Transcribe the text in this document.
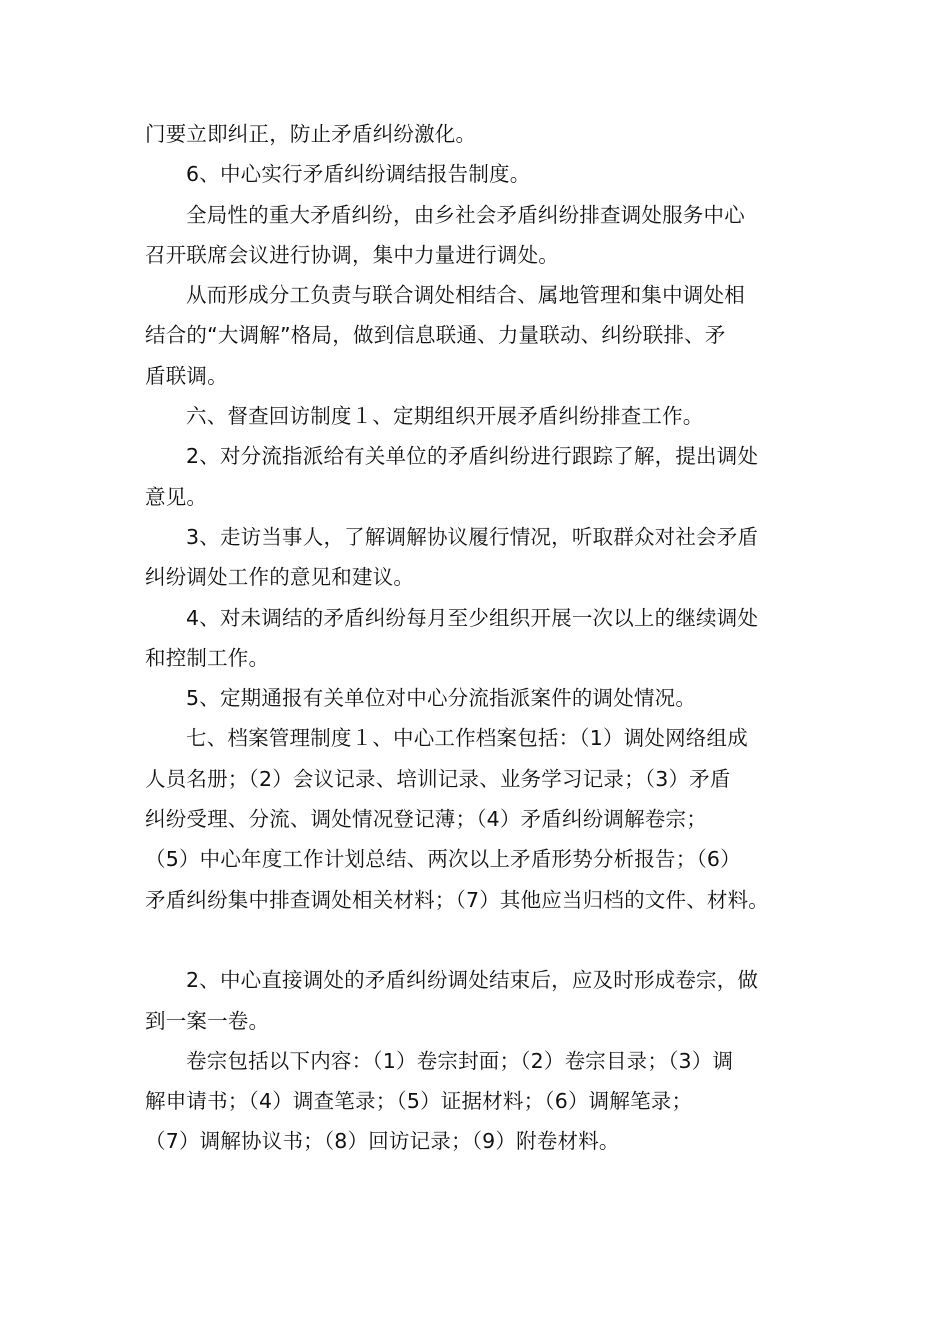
门要立即纠正，防止矛盾纠纷激化。
6、中心实行矛盾纠纷调结报告制度。
全局性的重大矛盾纠纷，由乡社会矛盾纠纷排查调处服务中心
召开联席会议进行协调，集中力量进行调处。
从而形成分工负责与联合调处相结合、属地管理和集中调处相
结合的“大调解”格局，做到信息联通、力量联动、纠纷联排、矛
盾联调。
六、督查回访制度１、定期组织开展矛盾纠纷排查工作。
2、对分流指派给有关单位的矛盾纠纷进行跟踪了解，提出调处
意见。
3、走访当事人，了解调解协议履行情况，听取群众对社会矛盾
纠纷调处工作的意见和建议。
4、对未调结的矛盾纠纷每月至少组织开展一次以上的继续调处
和控制工作。
5、定期通报有关单位对中心分流指派案件的调处情况。
七、档案管理制度１、中心工作档案包括：（1）调处网络组成
人员名册；（2）会议记录、培训记录、业务学习记录；（3）矛盾
纠纷受理、分流、调处情况登记薄；（4）矛盾纠纷调解卷宗；
（5）中心年度工作计划总结、两次以上矛盾形势分析报告；（6）
矛盾纠纷集中排查调处相关材料；（7）其他应当归档的文件、材料。
2、中心直接调处的矛盾纠纷调处结束后，应及时形成卷宗，做
到一案一卷。
卷宗包括以下内容：（1）卷宗封面；（2）卷宗目录；（3）调
解申请书；（4）调查笔录；（5）证据材料；（6）调解笔录；
（7）调解协议书；（8）回访记录；（9）附卷材料。
